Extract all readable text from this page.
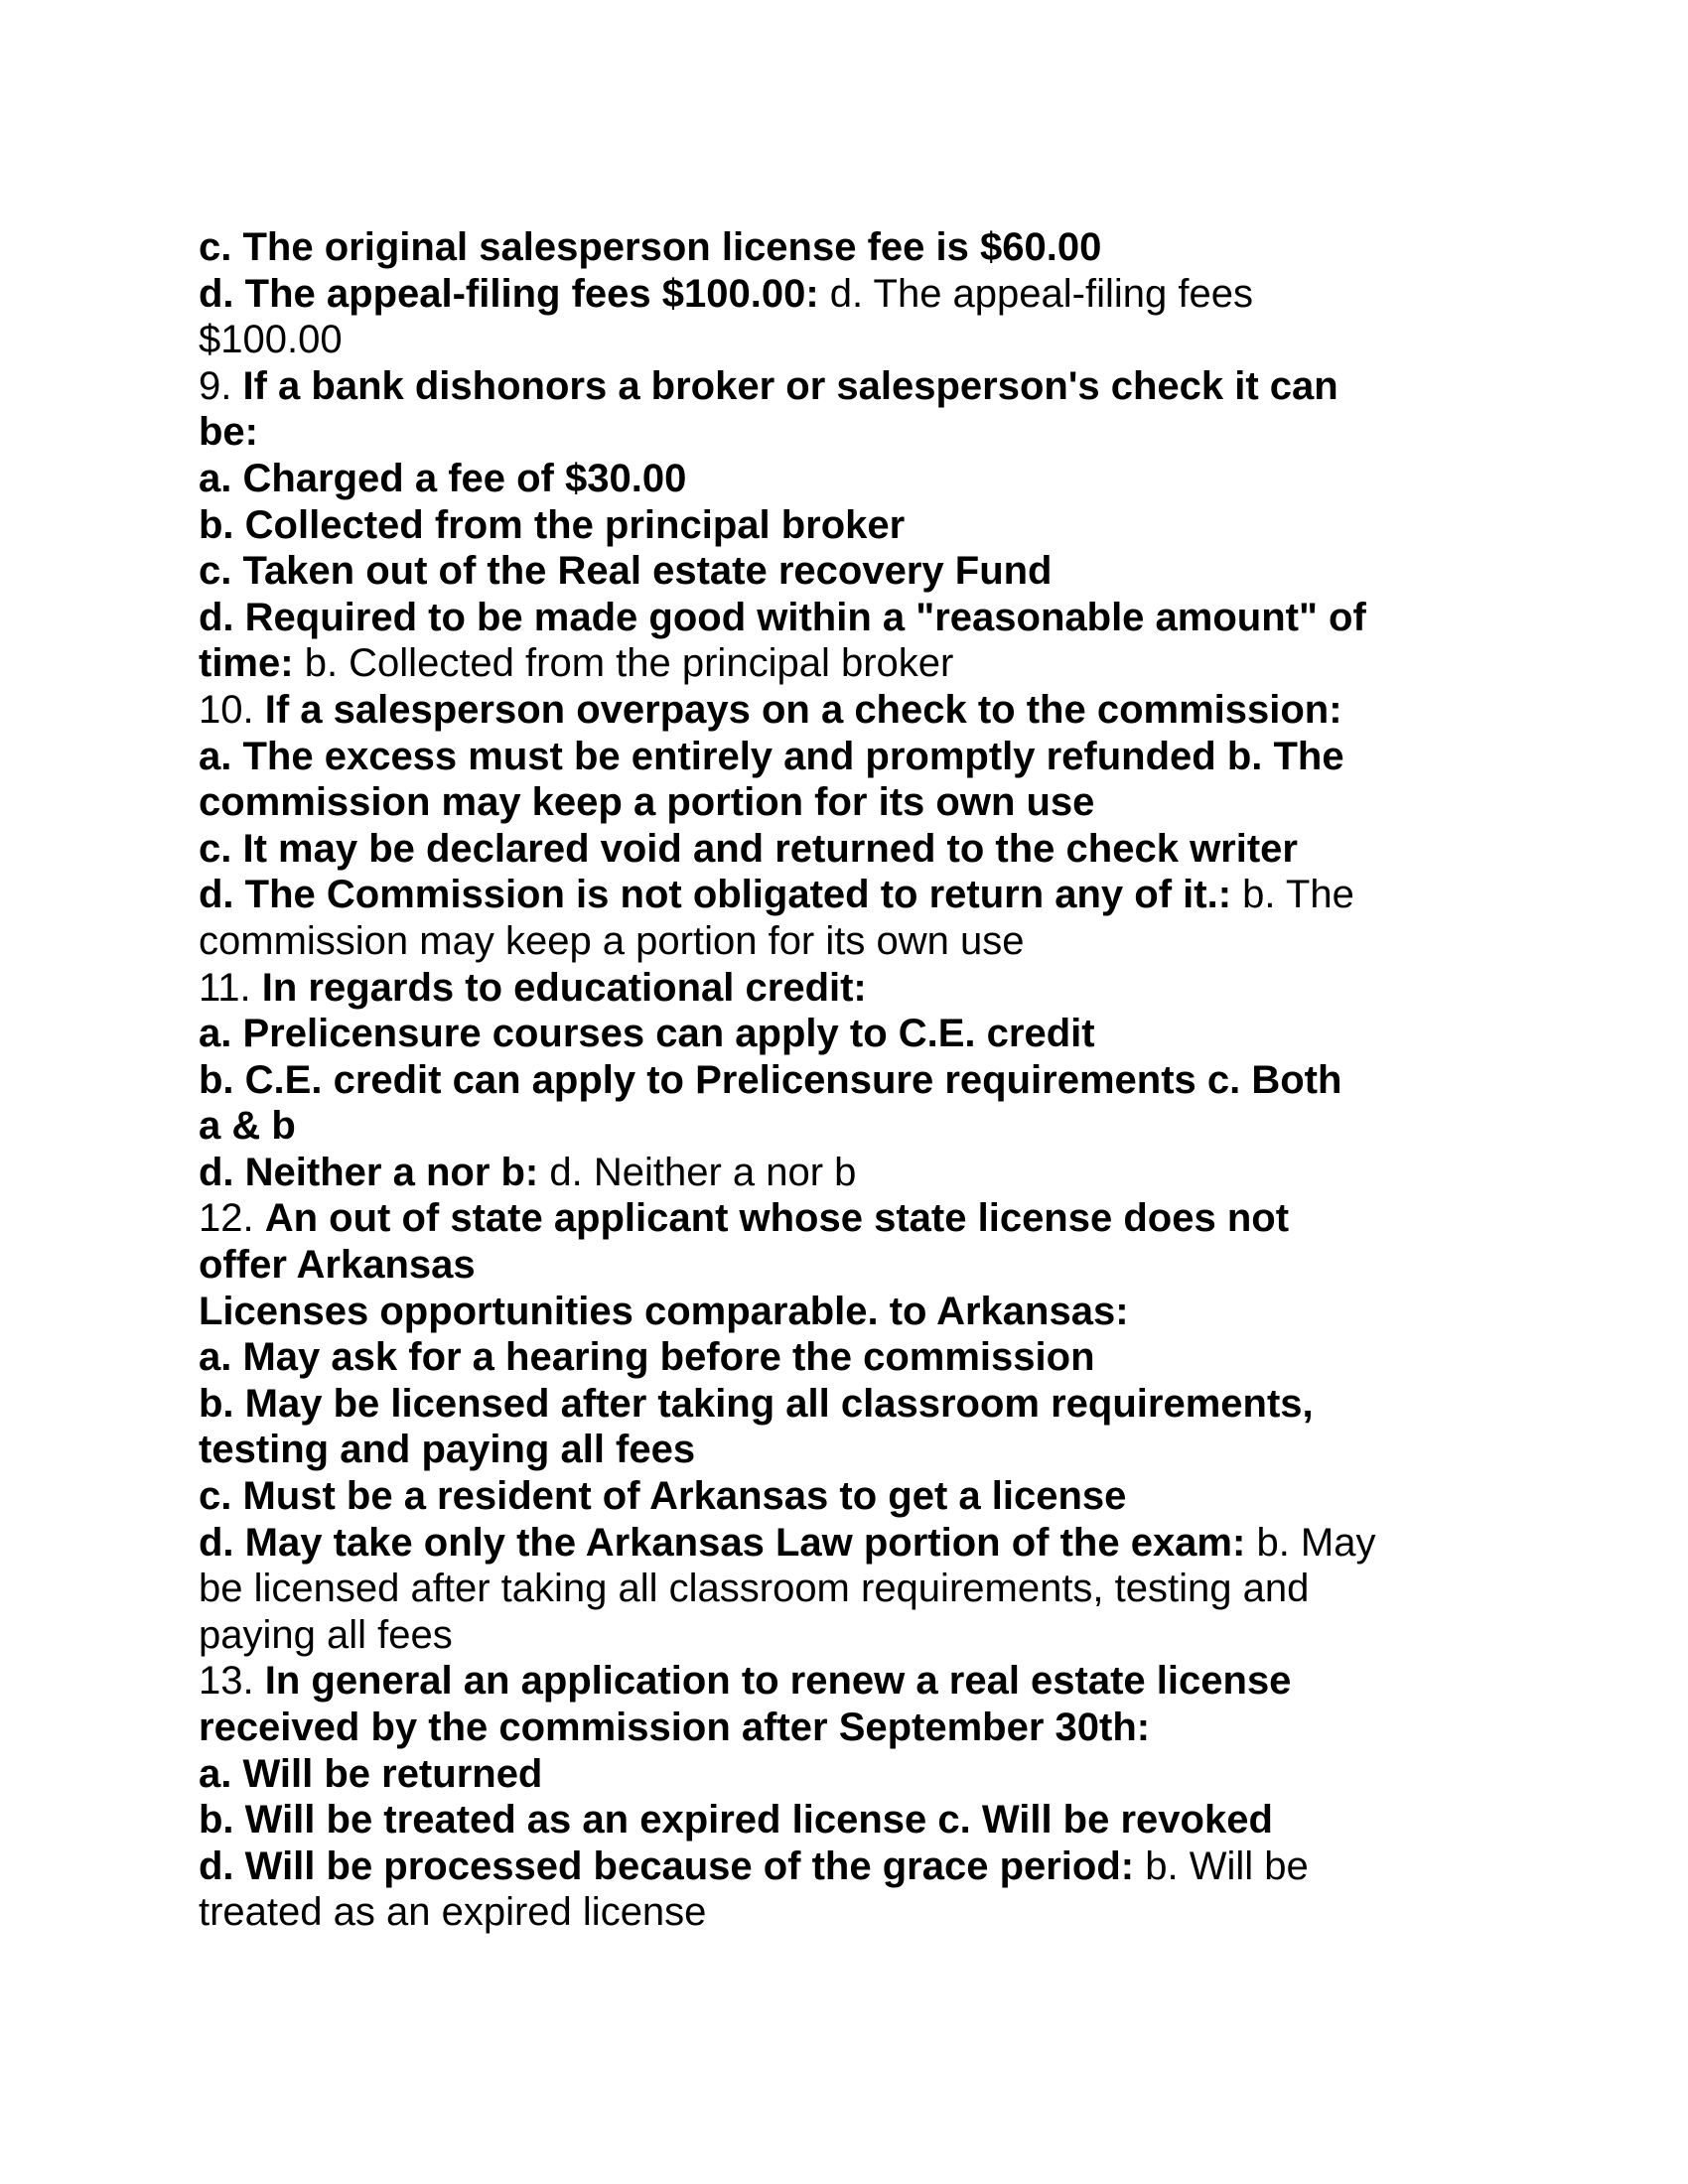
c. The original salesperson license fee is $60.00
d. The appeal-filing fees $100.00: d. The appeal-filing fees
$100.00
9. If a bank dishonors a broker or salesperson's check it can
be:
a. Charged a fee of $30.00
b. Collected from the principal broker
c. Taken out of the Real estate recovery Fund
d. Required to be made good within a "reasonable amount" of
time: b. Collected from the principal broker
10. If a salesperson overpays on a check to the commission:
a. The excess must be entirely and promptly refunded b. The
commission may keep a portion for its own use
c. It may be declared void and returned to the check writer
d. The Commission is not obligated to return any of it.: b. The
commission may keep a portion for its own use
11. In regards to educational credit:
a. Prelicensure courses can apply to C.E. credit
b. C.E. credit can apply to Prelicensure requirements c. Both
a & b
d. Neither a nor b: d. Neither a nor b
12. An out of state applicant whose state license does not
offer Arkansas
Licenses opportunities comparable. to Arkansas:
a. May ask for a hearing before the commission
b. May be licensed after taking all classroom requirements,
testing and paying all fees
c. Must be a resident of Arkansas to get a license
d. May take only the Arkansas Law portion of the exam: b. May
be licensed after taking all classroom requirements, testing and
paying all fees
13. In general an application to renew a real estate license
received by the commission after September 30th:
a. Will be returned
b. Will be treated as an expired license c. Will be revoked
d. Will be processed because of the grace period: b. Will be
treated as an expired license
